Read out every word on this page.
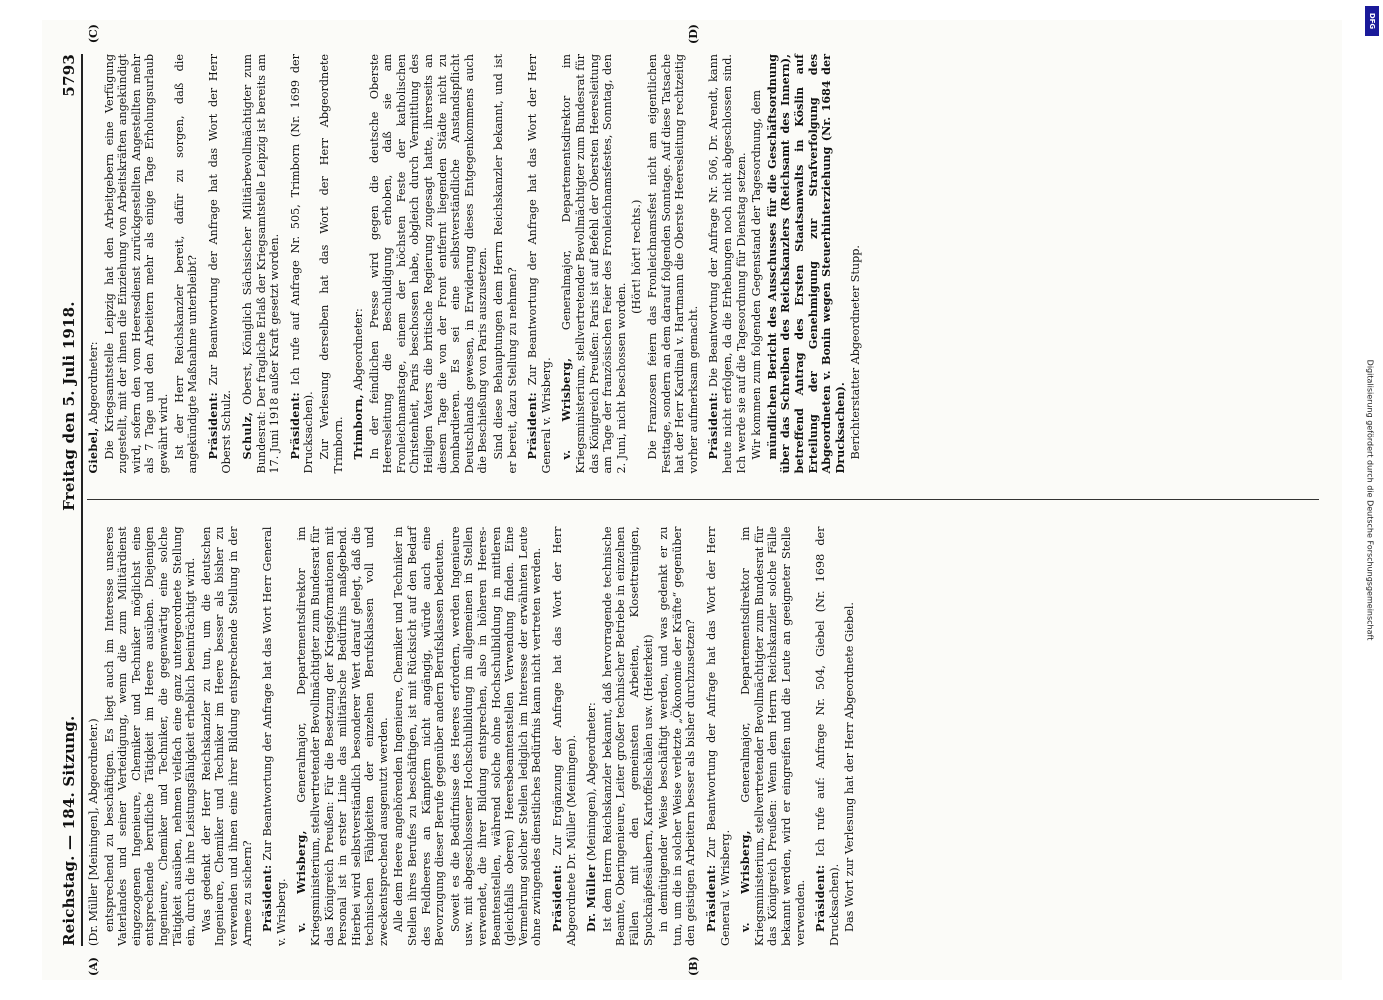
Reichstag. — 184. Sitzung.
Freitag den 5. Juli 1918.
5793
(A)	(B)

(Dr. Müller [Meiningen], Abgeordneter.) entsprechend zu beschäftigen. Es liegt auch im Interesse unseres Vaterlandes und seiner Verteidigung, wenn die zum Militärdienst eingezogenen Ingenieure, Chemiker und Techniker möglichst eine entsprechende berufliche Tätigkeit im Heere ausüben. Diejenigen Ingenieure, Chemiker und Techniker, die gegenwärtig eine solche Tätigkeit ausüben, nehmen vielfach eine ganz untergeordnete Stellung ein, durch die ihre Leistungsfähigkeit erheblich beeinträchtigt wird. Was gedenkt der Herr Reichskanzler zu tun, um die deutschen Ingenieure, Chemiker und Techniker im Heere besser als bisher zu verwenden und ihnen eine ihrer Bildung entsprechende Stellung in der Armee zu sichern? Präsident: Zur Beantwortung der Anfrage hat das Wort Herr General v. Wrisberg. v. Wrisberg, Generalmajor, Departementsdirektor im Kriegsministerium, stellvertretender Bevollmächtigter zum Bundesrat für das Königreich Preußen: Für die Besetzung der Kriegsformationen mit Personal ist in erster Linie das militärische Bedürfnis maßgebend. Hierbei wird selbstverständlich besonderer Wert darauf gelegt, daß die technischen Fähigkeiten der einzelnen Berufsklassen voll und zweckentsprechend ausgenutzt werden. Alle dem Heere angehörenden Ingenieure, Chemiker und Techniker in Stellen ihres Berufes zu beschäftigen, ist mit Rücksicht auf den Bedarf des Feldheeres an Kämpfern nicht angängig, würde auch eine Bevorzugung dieser Berufe gegenüber andern Berufsklassen bedeuten. Soweit es die Bedürfnisse des Heeres erfordern, werden Ingenieure usw. mit abgeschlossener Hochschulbildung im allgemeinen in Stellen verwendet, die ihrer Bildung entsprechen, also in höheren Heeres-Beamtenstellen, während solche ohne Hochschulbildung in mittleren (gleichfalls oberen) Heeresbeamtenstellen Verwendung finden. Eine Vermehrung solcher Stellen lediglich im Interesse der erwähnten Leute ohne zwingendes dienstliches Bedürfnis kann nicht vertreten werden. Präsident: Zur Ergänzung der Anfrage hat das Wort der Herr Abgeordnete Dr. Müller (Meiningen). Dr. Müller (Meiningen), Abgeordneter: Ist dem Herrn Reichskanzler bekannt, daß hervorragende technische Beamte, Oberingenieure, Leiter großer technischer Betriebe in einzelnen Fällen mit den gemeinsten Arbeiten, Klosettreinigen, Spucknäpfesäubern, Kartoffelschälen usw. (Heiterkeit) in demütigender Weise beschäftigt werden, und was gedenkt er zu tun, um die in solcher Weise verletzte „Ökonomie der Kräfte“ gegenüber den geistigen Arbeitern besser als bisher durchzusetzen? Präsident: Zur Beantwortung der Anfrage hat das Wort der Herr General v. Wrisberg. v. Wrisberg, Generalmajor, Departementsdirektor im Kriegsministerium, stellvertretender Bevollmächtigter zum Bundesrat für das Königreich Preußen: Wenn dem Herrn Reichskanzler solche Fälle bekannt werden, wird er eingreifen und die Leute an geeigneter Stelle verwenden. Präsident: Ich rufe auf: Anfrage Nr. 504, Giebel (Nr. 1698 der Drucksachen). Das Wort zur Verlesung hat der Herr Abgeordnete Giebel.

(C)	(D)

Giebel, Abgeordneter: Die Kriegsamtstelle Leipzig hat den Arbeitgebern eine Verfügung zugestellt, mit der ihnen die Einziehung von Arbeitskräften angekündigt wird, sofern den vom Heeresdienst zurückgestellten Angestellten mehr als 7 Tage und den Arbeitern mehr als einige Tage Erholungsurlaub gewährt wird. Ist der Herr Reichskanzler bereit, dafür zu sorgen, daß die angekündigte Maßnahme unterbleibt? Präsident: Zur Beantwortung der Anfrage hat das Wort der Herr Oberst Schulz. Schulz, Oberst, Königlich Sächsischer Militärbevollmächtigter zum Bundesrat: Der fragliche Erlaß der Kriegsamtstelle Leipzig ist bereits am 17. Juni 1918 außer Kraft gesetzt worden. Präsident: Ich rufe auf Anfrage Nr. 505, Trimborn (Nr. 1699 der Drucksachen). Zur Verlesung derselben hat das Wort der Herr Abgeordnete Trimborn. Trimborn, Abgeordneter: In der feindlichen Presse wird gegen die deutsche Oberste Heeresleitung die Beschuldigung erhoben, daß sie am Fronleichnamstage, einem der höchsten Feste der katholischen Christenheit, Paris beschossen habe, obgleich durch Vermittlung des Heiligen Vaters die britische Regierung zugesagt hatte, ihrerseits an diesem Tage die von der Front entfernt liegenden Städte nicht zu bombardieren. Es sei eine selbstverständliche Anstandspflicht Deutschlands gewesen, in Erwiderung dieses Entgegenkommens auch die Beschießung von Paris auszusetzen. Sind diese Behauptungen dem Herrn Reichskanzler bekannt, und ist er bereit, dazu Stellung zu nehmen? Präsident: Zur Beantwortung der Anfrage hat das Wort der Herr General v. Wrisberg. v. Wrisberg, Generalmajor, Departementsdirektor im Kriegsministerium, stellvertretender Bevollmächtigter zum Bundesrat für das Königreich Preußen: Paris ist auf Befehl der Obersten Heeresleitung am Tage der französischen Feier des Fronleichnamsfestes, Sonntag, den 2. Juni, nicht beschossen worden.

(Hört! hört! rechts.) Die Franzosen feiern das Fronleichnamsfest nicht am eigentlichen Festtage, sondern an dem darauf folgenden Sonntage. Auf diese Tatsache hat der Herr Kardinal v. Hartmann die Oberste Heeresleitung rechtzeitig vorher aufmerksam gemacht. Präsident: Die Beantwortung der Anfrage Nr. 506, Dr. Arendt, kann heute nicht erfolgen, da die Erhebungen noch nicht abgeschlossen sind. Ich werde sie auf die Tagesordnung für Dienstag setzen. Wir kommen zum folgenden Gegenstand der Tagesordnung, dem mündlichen Bericht des Ausschusses für die Geschäftsordnung über das Schreiben des Reichskanzlers (Reichsamt des Innern), betreffend Antrag des Ersten Staatsanwalts in Köslin auf Erteilung der Genehmigung zur Strafverfolgung des Abgeordneten v. Bonin wegen Steuerhinterziehung (Nr. 1684 der Drucksachen). Berichterstatter Abgeordneter Stupp.

Digitalisierung gefördert durch die Deutsche Forschungsgemeinschaft
DFG
